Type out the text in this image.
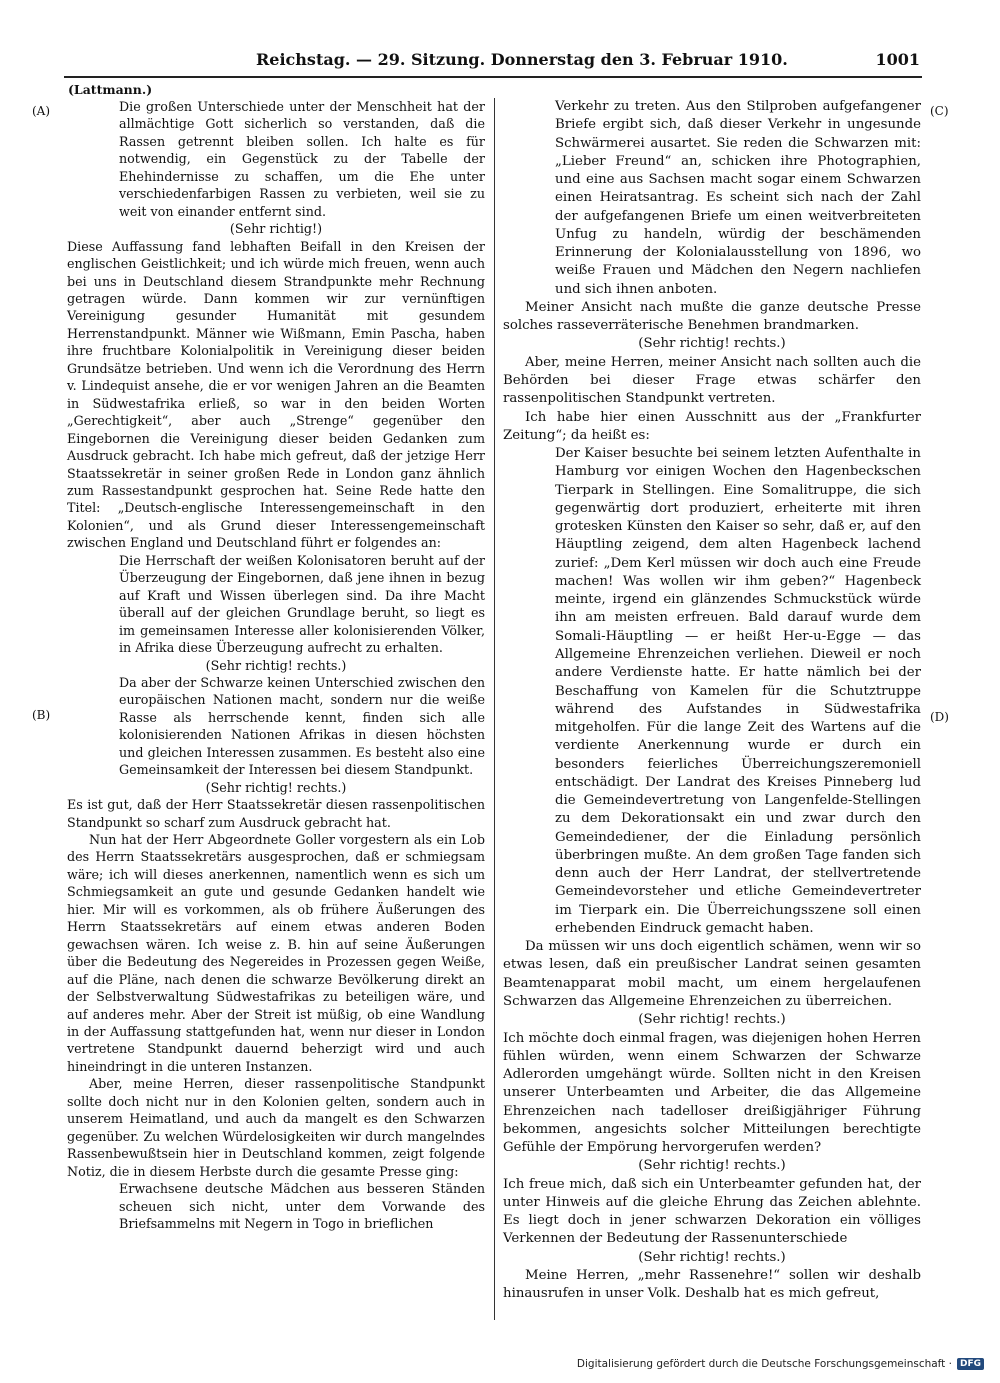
Reichstag. — 29. Sitzung. Donnerstag den 3. Februar 1910.	1001
(Lattmann.)
(A)
(B)
(C)
(D)

Die großen Unterschiede unter der Menschheit hat der allmächtige Gott sicherlich so verstanden, daß die Rassen getrennt bleiben sollen. Ich halte es für notwendig, ein Gegenstück zu der Tabelle der Ehehindernisse zu schaffen, um die Ehe unter verschiedenfarbigen Rassen zu verbieten, weil sie zu weit von einander entfernt sind.

(Sehr richtig!)

Diese Auffassung fand lebhaften Beifall in den Kreisen der englischen Geistlichkeit; und ich würde mich freuen, wenn auch bei uns in Deutschland diesem Strandpunkte mehr Rechnung getragen würde. Dann kommen wir zur vernünftigen Vereinigung gesunder Humanität mit gesundem Herrenstandpunkt. Männer wie Wißmann, Emin Pascha, haben ihre fruchtbare Kolonialpolitik in Vereinigung dieser beiden Grundsätze betrieben. Und wenn ich die Verordnung des Herrn v. Lindequist ansehe, die er vor wenigen Jahren an die Beamten in Südwestafrika erließ, so war in den beiden Worten „Gerechtigkeit“, aber auch „Strenge“ gegenüber den Eingebornen die Vereinigung dieser beiden Gedanken zum Ausdruck gebracht. Ich habe mich gefreut, daß der jetzige Herr Staatssekretär in seiner großen Rede in London ganz ähnlich zum Rassestandpunkt gesprochen hat. Seine Rede hatte den Titel: „Deutsch-englische Interessengemeinschaft in den Kolonien“, und als Grund dieser Interessengemeinschaft zwischen England und Deutschland führt er folgendes an:

Die Herrschaft der weißen Kolonisatoren beruht auf der Überzeugung der Eingebornen, daß jene ihnen in bezug auf Kraft und Wissen überlegen sind. Da ihre Macht überall auf der gleichen Grundlage beruht, so liegt es im gemeinsamen Interesse aller kolonisierenden Völker, in Afrika diese Überzeugung aufrecht zu erhalten.

(Sehr richtig! rechts.)

Da aber der Schwarze keinen Unterschied zwischen den europäischen Nationen macht, sondern nur die weiße Rasse als herrschende kennt, finden sich alle kolonisierenden Nationen Afrikas in diesen höchsten und gleichen Interessen zusammen. Es besteht also eine Gemeinsamkeit der Interessen bei diesem Standpunkt.

(Sehr richtig! rechts.)

Es ist gut, daß der Herr Staatssekretär diesen rassenpolitischen Standpunkt so scharf zum Ausdruck gebracht hat.

Nun hat der Herr Abgeordnete Goller vorgestern als ein Lob des Herrn Staatssekretärs ausgesprochen, daß er schmiegsam wäre; ich will dieses anerkennen, namentlich wenn es sich um Schmiegsamkeit an gute und gesunde Gedanken handelt wie hier. Mir will es vorkommen, als ob frühere Äußerungen des Herrn Staatssekretärs auf einem etwas anderen Boden gewachsen wären. Ich weise z. B. hin auf seine Äußerungen über die Bedeutung des Negereides in Prozessen gegen Weiße, auf die Pläne, nach denen die schwarze Bevölkerung direkt an der Selbstverwaltung Südwestafrikas zu beteiligen wäre, und auf anderes mehr. Aber der Streit ist müßig, ob eine Wandlung in der Auffassung stattgefunden hat, wenn nur dieser in London vertretene Standpunkt dauernd beherzigt wird und auch hineindringt in die unteren Instanzen.

Aber, meine Herren, dieser rassenpolitische Standpunkt sollte doch nicht nur in den Kolonien gelten, sondern auch in unserem Heimatland, und auch da mangelt es den Schwarzen gegenüber. Zu welchen Würdelosigkeiten wir durch mangelndes Rassenbewußtsein hier in Deutschland kommen, zeigt folgende Notiz, die in diesem Herbste durch die gesamte Presse ging:

Erwachsene deutsche Mädchen aus besseren Ständen scheuen sich nicht, unter dem Vorwande des Briefsammelns mit Negern in Togo in brieflichen

Verkehr zu treten. Aus den Stilproben aufgefangener Briefe ergibt sich, daß dieser Verkehr in ungesunde Schwärmerei ausartet. Sie reden die Schwarzen mit: „Lieber Freund“ an, schicken ihre Photographien, und eine aus Sachsen macht sogar einem Schwarzen einen Heiratsantrag. Es scheint sich nach der Zahl der aufgefangenen Briefe um einen weitverbreiteten Unfug zu handeln, würdig der beschämenden Erinnerung der Kolonialausstellung von 1896, wo weiße Frauen und Mädchen den Negern nachliefen und sich ihnen anboten.

Meiner Ansicht nach mußte die ganze deutsche Presse solches rasseverräterische Benehmen brandmarken.

(Sehr richtig! rechts.)

Aber, meine Herren, meiner Ansicht nach sollten auch die Behörden bei dieser Frage etwas schärfer den rassenpolitischen Standpunkt vertreten.

Ich habe hier einen Ausschnitt aus der „Frankfurter Zeitung“; da heißt es:

Der Kaiser besuchte bei seinem letzten Aufenthalte in Hamburg vor einigen Wochen den Hagenbeckschen Tierpark in Stellingen. Eine Somalitruppe, die sich gegenwärtig dort produziert, erheiterte mit ihren grotesken Künsten den Kaiser so sehr, daß er, auf den Häuptling zeigend, dem alten Hagenbeck lachend zurief: „Dem Kerl müssen wir doch auch eine Freude machen! Was wollen wir ihm geben?“ Hagenbeck meinte, irgend ein glänzendes Schmuckstück würde ihn am meisten erfreuen. Bald darauf wurde dem Somali-Häuptling — er heißt Her-u-Egge — das Allgemeine Ehrenzeichen verliehen. Dieweil er noch andere Verdienste hatte. Er hatte nämlich bei der Beschaffung von Kamelen für die Schutztruppe während des Aufstandes in Südwestafrika mitgeholfen. Für die lange Zeit des Wartens auf die verdiente Anerkennung wurde er durch ein besonders feierliches Überreichungszeremoniell entschädigt. Der Landrat des Kreises Pinneberg lud die Gemeindevertretung von Langenfelde-Stellingen zu dem Dekorationsakt ein und zwar durch den Gemeindediener, der die Einladung persönlich überbringen mußte. An dem großen Tage fanden sich denn auch der Herr Landrat, der stellvertretende Gemeindevorsteher und etliche Gemeindevertreter im Tierpark ein. Die Überreichungsszene soll einen erhebenden Eindruck gemacht haben.

Da müssen wir uns doch eigentlich schämen, wenn wir so etwas lesen, daß ein preußischer Landrat seinen gesamten Beamtenapparat mobil macht, um einem hergelaufenen Schwarzen das Allgemeine Ehrenzeichen zu überreichen.

(Sehr richtig! rechts.)

Ich möchte doch einmal fragen, was diejenigen hohen Herren fühlen würden, wenn einem Schwarzen der Schwarze Adlerorden umgehängt würde. Sollten nicht in den Kreisen unserer Unterbeamten und Arbeiter, die das Allgemeine Ehrenzeichen nach tadelloser dreißigjähriger Führung bekommen, angesichts solcher Mitteilungen berechtigte Gefühle der Empörung hervorgerufen werden?

(Sehr richtig! rechts.)

Ich freue mich, daß sich ein Unterbeamter gefunden hat, der unter Hinweis auf die gleiche Ehrung das Zeichen ablehnte. Es liegt doch in jener schwarzen Dekoration ein völliges Verkennen der Bedeutung der Rassenunterschiede

(Sehr richtig! rechts.)

Meine Herren, „mehr Rassenehre!“ sollen wir deshalb hinausrufen in unser Volk. Deshalb hat es mich gefreut,

Digitalisierung gefördert durch die Deutsche Forschungsgemeinschaft · DFG
